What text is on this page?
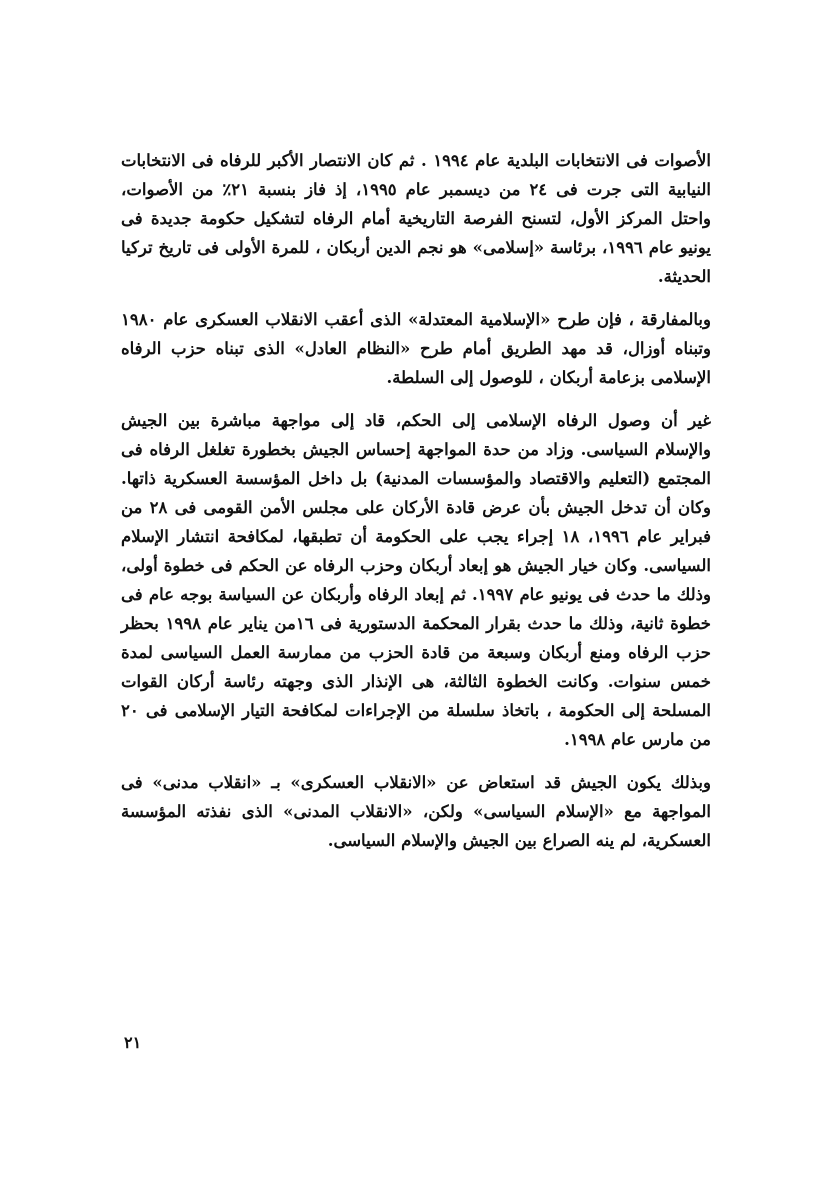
الأصوات فى الانتخابات البلدية عام ١٩٩٤ . ثم كان الانتصار الأكبر للرفاه فى الانتخابات النيابية التى جرت فى ٢٤ من ديسمبر عام ١٩٩٥، إذ فاز بنسبة ٢١٪ من الأصوات، واحتل المركز الأول، لتسنح الفرصة التاريخية أمام الرفاه لتشكيل حكومة جديدة فى يونيو عام ١٩٩٦، برئاسة «إسلامى» هو نجم الدين أربكان ، للمرة الأولى فى تاريخ تركيا الحديثة.

وبالمفارقة ، فإن طرح «الإسلامية المعتدلة» الذى أعقب الانقلاب العسكرى عام ١٩٨٠ وتبناه أوزال، قد مهد الطريق أمام طرح «النظام العادل» الذى تبناه حزب الرفاه الإسلامى بزعامة أربكان ، للوصول إلى السلطة.

غير أن وصول الرفاه الإسلامى إلى الحكم، قاد إلى مواجهة مباشرة بين الجيش والإسلام السياسى. وزاد من حدة المواجهة إحساس الجيش بخطورة تغلغل الرفاه فى المجتمع (التعليم والاقتصاد والمؤسسات المدنية) بل داخل المؤسسة العسكرية ذاتها. وكان أن تدخل الجيش بأن عرض قادة الأركان على مجلس الأمن القومى فى ٢٨ من فبراير عام ١٩٩٦، ١٨ إجراء يجب على الحكومة أن تطبقها، لمكافحة انتشار الإسلام السياسى. وكان خيار الجيش هو إبعاد أربكان وحزب الرفاه عن الحكم فى خطوة أولى، وذلك ما حدث فى يونيو عام ١٩٩٧. ثم إبعاد الرفاه وأربكان عن السياسة بوجه عام فى خطوة ثانية، وذلك ما حدث بقرار المحكمة الدستورية فى ١٦من يناير عام ١٩٩٨ بحظر حزب الرفاه ومنع أربكان وسبعة من قادة الحزب من ممارسة العمل السياسى لمدة خمس سنوات. وكانت الخطوة الثالثة، هى الإنذار الذى وجهته رئاسة أركان القوات المسلحة إلى الحكومة ، باتخاذ سلسلة من الإجراءات لمكافحة التيار الإسلامى فى ٢٠ من مارس عام ١٩٩٨.

وبذلك يكون الجيش قد استعاض عن «الانقلاب العسكرى» بـ «انقلاب مدنى» فى المواجهة مع «الإسلام السياسى» ولكن، «الانقلاب المدنى» الذى نفذته المؤسسة العسكرية، لم ينه الصراع بين الجيش والإسلام السياسى.

٢١
